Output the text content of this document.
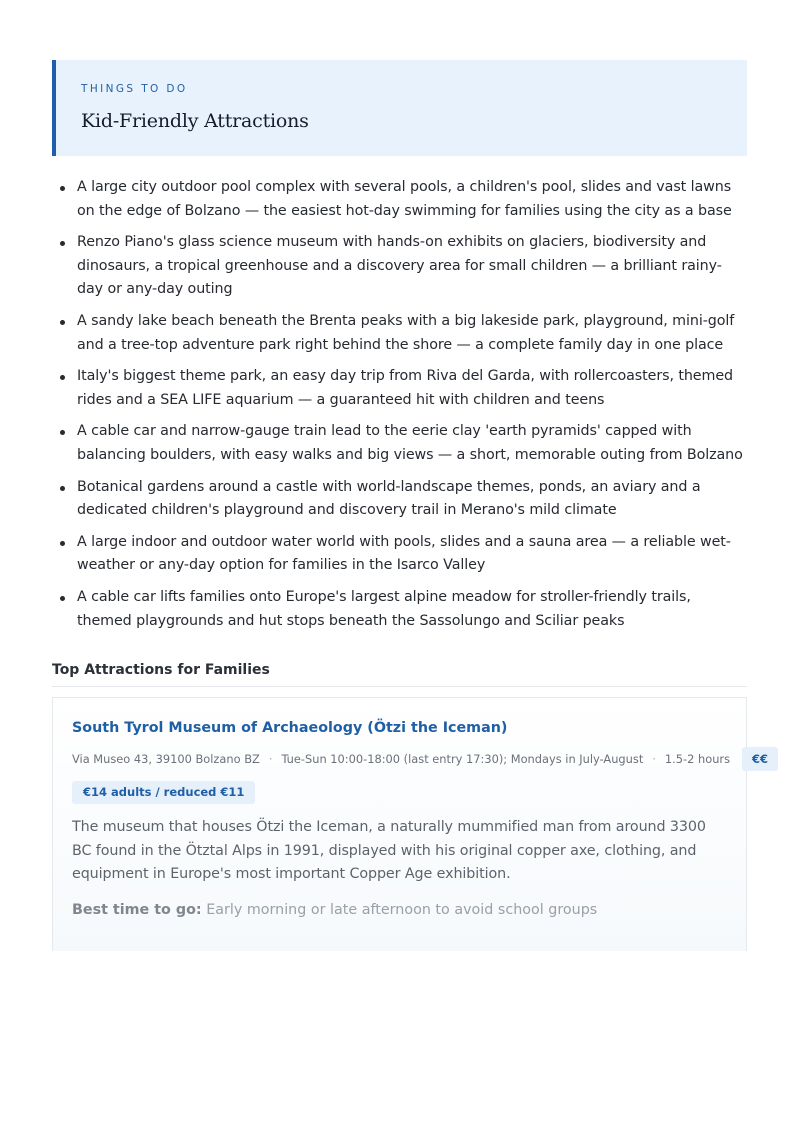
THINGS TO DO

Kid-Friendly Attractions
A large city outdoor pool complex with several pools, a children's pool, slides and vast lawns on the edge of Bolzano — the easiest hot-day swimming for families using the city as a base
Renzo Piano's glass science museum with hands-on exhibits on glaciers, biodiversity and dinosaurs, a tropical greenhouse and a discovery area for small children — a brilliant rainy-day or any-day outing
A sandy lake beach beneath the Brenta peaks with a big lakeside park, playground, mini-golf and a tree-top adventure park right behind the shore — a complete family day in one place
Italy's biggest theme park, an easy day trip from Riva del Garda, with rollercoasters, themed rides and a SEA LIFE aquarium — a guaranteed hit with children and teens
A cable car and narrow-gauge train lead to the eerie clay 'earth pyramids' capped with balancing boulders, with easy walks and big views — a short, memorable outing from Bolzano
Botanical gardens around a castle with world-landscape themes, ponds, an aviary and a dedicated children's playground and discovery trail in Merano's mild climate
A large indoor and outdoor water world with pools, slides and a sauna area — a reliable wet-weather or any-day option for families in the Isarco Valley
A cable car lifts families onto Europe's largest alpine meadow for stroller-friendly trails, themed playgrounds and hut stops beneath the Sassolungo and Sciliar peaks
Top Attractions for Families
South Tyrol Museum of Archaeology (Ötzi the Iceman)
Via Museo 43, 39100 Bolzano BZ · Tue-Sun 10:00-18:00 (last entry 17:30); Mondays in July-August · 1.5-2 hours	€€
€14 adults / reduced €11

The museum that houses Ötzi the Iceman, a naturally mummified man from around 3300 BC found in the Ötztal Alps in 1991, displayed with his original copper axe, clothing, and equipment in Europe's most important Copper Age exhibition.

Best time to go: Early morning or late afternoon to avoid school groups
